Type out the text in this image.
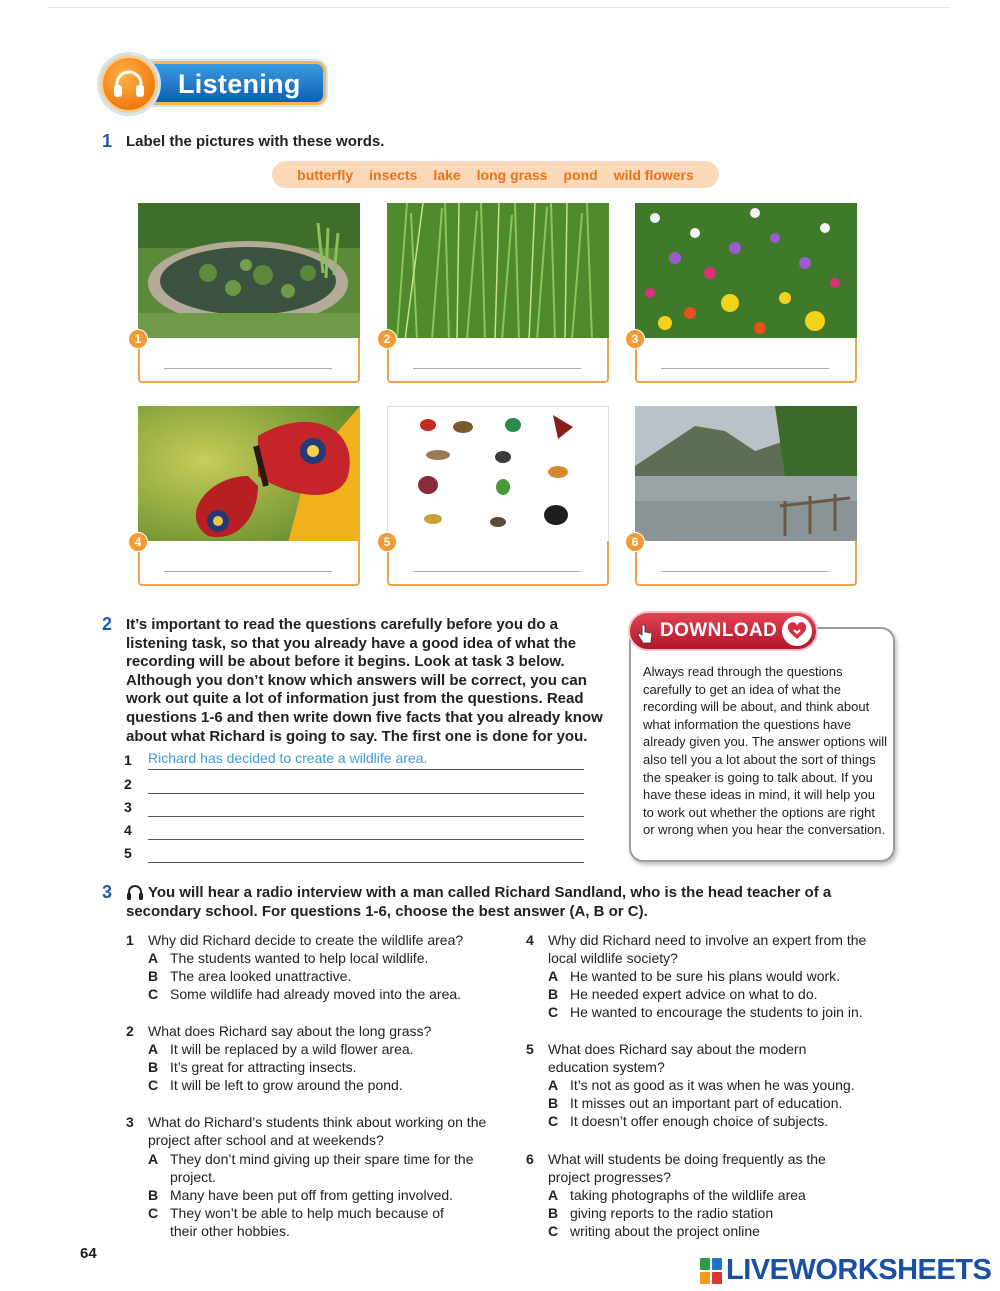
Listening
1 Label the pictures with these words.
butterfly insects lake long grass pond wild flowers
1	2	3
4	5	6
2 It’s important to read the questions carefully before you do a listening task, so that you already have a good idea of what the recording will be about before it begins. Look at task 3 below. Although you don’t know which answers will be correct, you can work out quite a lot of information just from the questions. Read questions 1-6 and then write down five facts that you already know about what Richard is going to say. The first one is done for you.
1 Richard has decided to create a wildlife area.
2
3
4
5
Always read through the questions carefully to get an idea of what the recording will be about, and think about what information the questions have already given you. The answer options will also tell you a lot about the sort of things the speaker is going to talk about. If you have these ideas in mind, it will help you to work out whether the options are right or wrong when you hear the conversation.
DOWNLOAD
3	You will hear a radio interview with a man called Richard Sandland, who is the head teacher of a secondary school. For questions 1-6, choose the best answer (A, B or C).
1 Why did Richard decide to create the wildlife area?
A The students wanted to help local wildlife.
B The area looked unattractive.
C Some wildlife had already moved into the area.
2 What does Richard say about the long grass?
A It will be replaced by a wild flower area.
B It’s great for attracting insects.
C It will be left to grow around the pond.
3 What do Richard’s students think about working on the project after school and at weekends?
A They don’t mind giving up their spare time for the project.
B Many have been put off from getting involved.
C They won’t be able to help much because of their other hobbies.
4 Why did Richard need to involve an expert from the local wildlife society?
A He wanted to be sure his plans would work.
B He needed expert advice on what to do.
C He wanted to encourage the students to join in.
5 What does Richard say about the modern education system?
A It’s not as good as it was when he was young.
B It misses out an important part of education.
C It doesn’t offer enough choice of subjects.
6 What will students be doing frequently as the project progresses?
A taking photographs of the wildlife area
B giving reports to the radio station
C writing about the project online
64
LIVEWORKSHEETS
